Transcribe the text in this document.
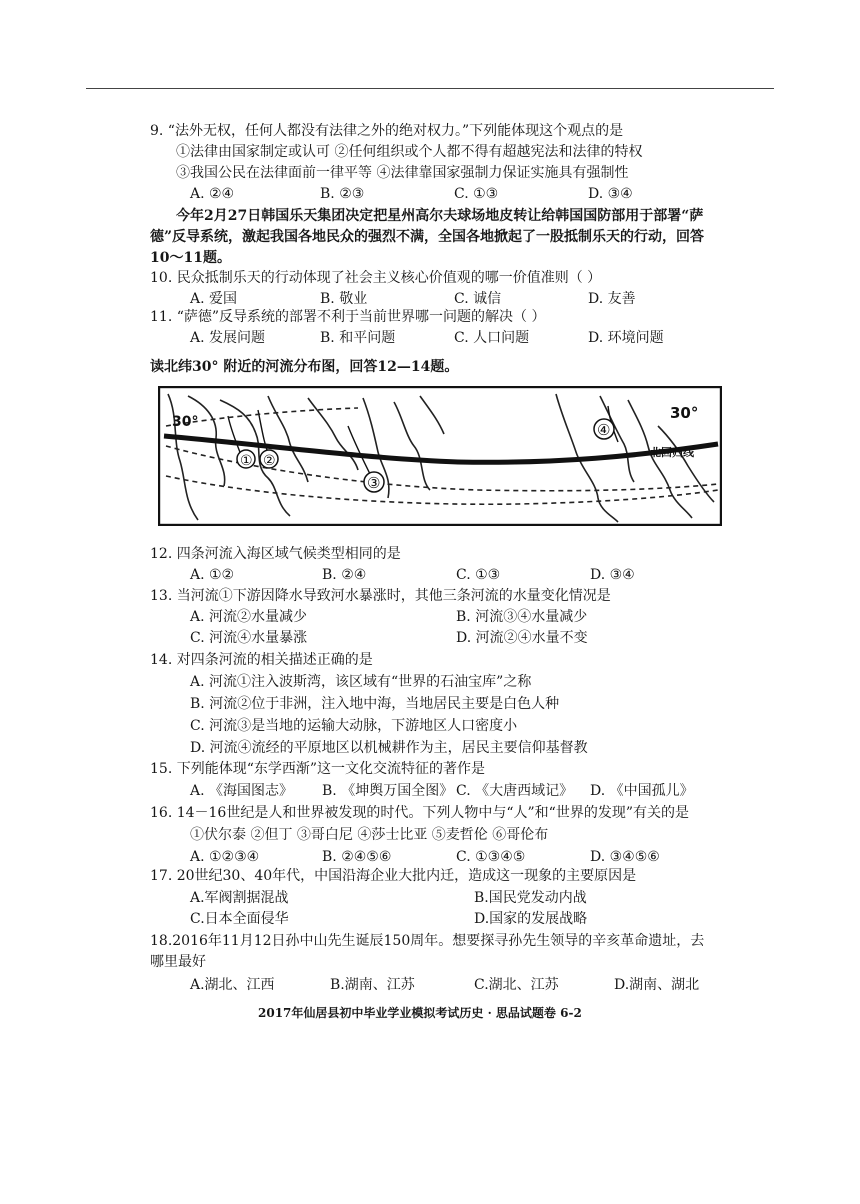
9. “法外无权，任何人都没有法律之外的绝对权力。”下列能体现这个观点的是
①法律由国家制定或认可 ②任何组织或个人都不得有超越宪法和法律的特权
③我国公民在法律面前一律平等 ④法律靠国家强制力保证实施具有强制性
A. ②④	B. ②③	C. ①③	D. ③④
今年2月27日韩国乐天集团决定把星州高尔夫球场地皮转让给韩国国防部用于部署“萨
德”反导系统，激起我国各地民众的强烈不满，全国各地掀起了一股抵制乐天的行动，回答
10～11题。
10. 民众抵制乐天的行动体现了社会主义核心价值观的哪一价值准则（ ）
A. 爱国	B. 敬业	C. 诚信	D. 友善
11. “萨德”反导系统的部署不利于当前世界哪一问题的解决（ ）
A. 发展问题	B. 和平问题	C. 人口问题	D. 环境问题
读北纬30° 附近的河流分布图，回答12—14题。
30°
30°
北回归线
① ②
③
④
12. 四条河流入海区域气候类型相同的是
A. ①②	B. ②④	C. ①③	D. ③④
13. 当河流①下游因降水导致河水暴涨时，其他三条河流的水量变化情况是
A. 河流②水量减少	B. 河流③④水量减少
C. 河流④水量暴涨	D. 河流②④水量不变
14. 对四条河流的相关描述正确的是
A. 河流①注入波斯湾，该区域有“世界的石油宝库”之称
B. 河流②位于非洲，注入地中海，当地居民主要是白色人种
C. 河流③是当地的运输大动脉，下游地区人口密度小
D. 河流④流经的平原地区以机械耕作为主，居民主要信仰基督教
15. 下列能体现“东学西渐”这一文化交流特征的著作是
A. 《海国图志》 B. 《坤舆万国全图》 C. 《大唐西域记》 D. 《中国孤儿》
16. 14－16世纪是人和世界被发现的时代。下列人物中与“人”和“世界的发现”有关的是
①伏尔泰 ②但丁 ③哥白尼 ④莎士比亚 ⑤麦哲伦 ⑥哥伦布
A. ①②③④	B. ②④⑤⑥	C. ①③④⑤	D. ③④⑤⑥
17. 20世纪30、40年代，中国沿海企业大批内迁，造成这一现象的主要原因是
A.军阀割据混战	B.国民党发动内战
C.日本全面侵华	D.国家的发展战略
18.2016年11月12日孙中山先生诞辰150周年。想要探寻孙先生领导的辛亥革命遗址，去
哪里最好
A.湖北、江西	B.湖南、江苏	C.湖北、江苏	D.湖南、湖北
2017年仙居县初中毕业学业模拟考试历史 · 思品试题卷 6-2
